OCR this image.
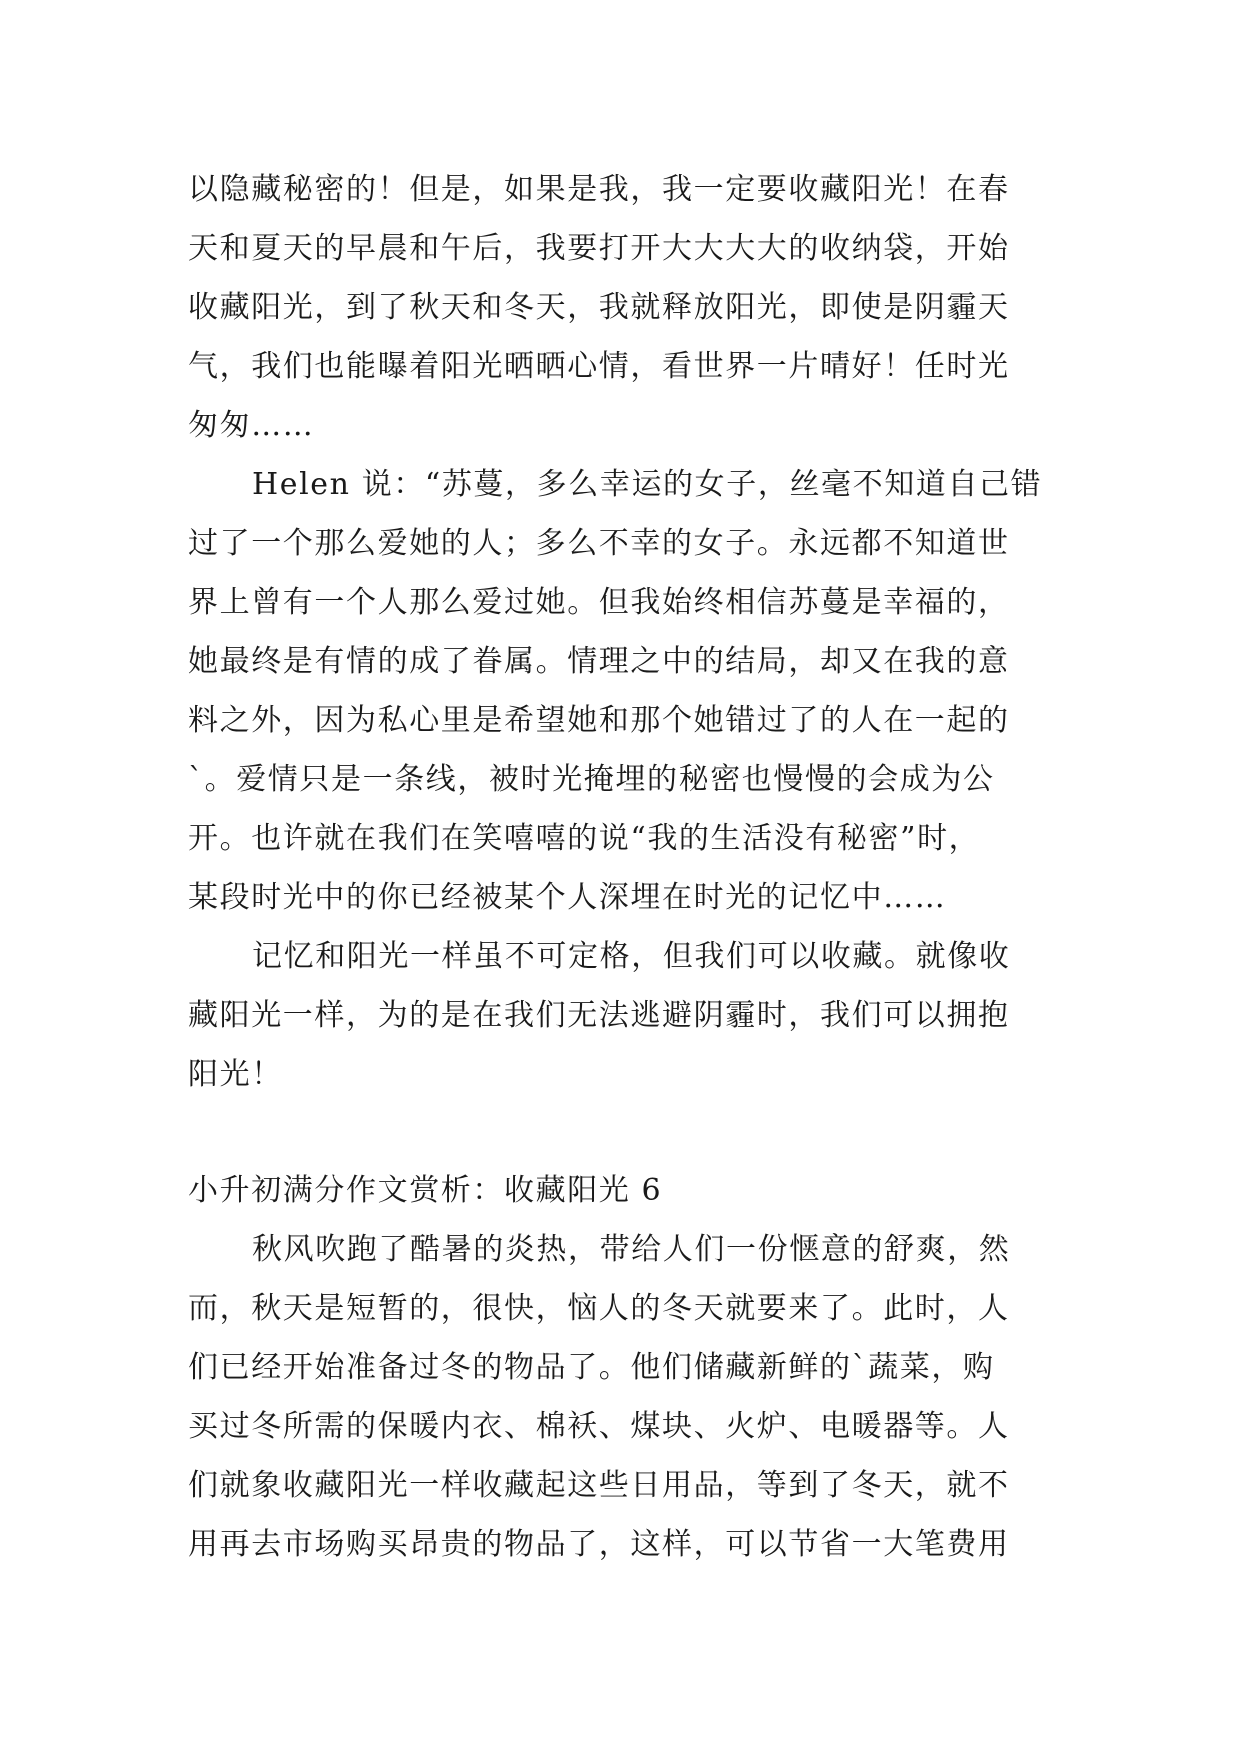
以隐藏秘密的！但是，如果是我，我一定要收藏阳光！在春
天和夏天的早晨和午后，我要打开大大大大的收纳袋，开始
收藏阳光，到了秋天和冬天，我就释放阳光，即使是阴霾天
气，我们也能曝着阳光晒晒心情，看世界一片晴好！任时光
匆匆……
Helen 说：“苏蔓，多么幸运的女子，丝毫不知道自己错
过了一个那么爱她的人；多么不幸的女子。永远都不知道世
界上曾有一个人那么爱过她。但我始终相信苏蔓是幸福的，
她最终是有情的成了眷属。情理之中的结局，却又在我的意
料之外，因为私心里是希望她和那个她错过了的人在一起的
`。爱情只是一条线，被时光掩埋的秘密也慢慢的会成为公
开。也许就在我们在笑嘻嘻的说“我的生活没有秘密”时，
某段时光中的你已经被某个人深埋在时光的记忆中……
记忆和阳光一样虽不可定格，但我们可以收藏。就像收
藏阳光一样，为的是在我们无法逃避阴霾时，我们可以拥抱
阳光！
小升初满分作文赏析：收藏阳光 6
秋风吹跑了酷暑的炎热，带给人们一份惬意的舒爽，然
而，秋天是短暂的，很快，恼人的冬天就要来了。此时，人
们已经开始准备过冬的物品了。他们储藏新鲜的`蔬菜，购
买过冬所需的保暖内衣、棉袄、煤块、火炉、电暖器等。人
们就象收藏阳光一样收藏起这些日用品，等到了冬天，就不
用再去市场购买昂贵的物品了，这样，可以节省一大笔费用
